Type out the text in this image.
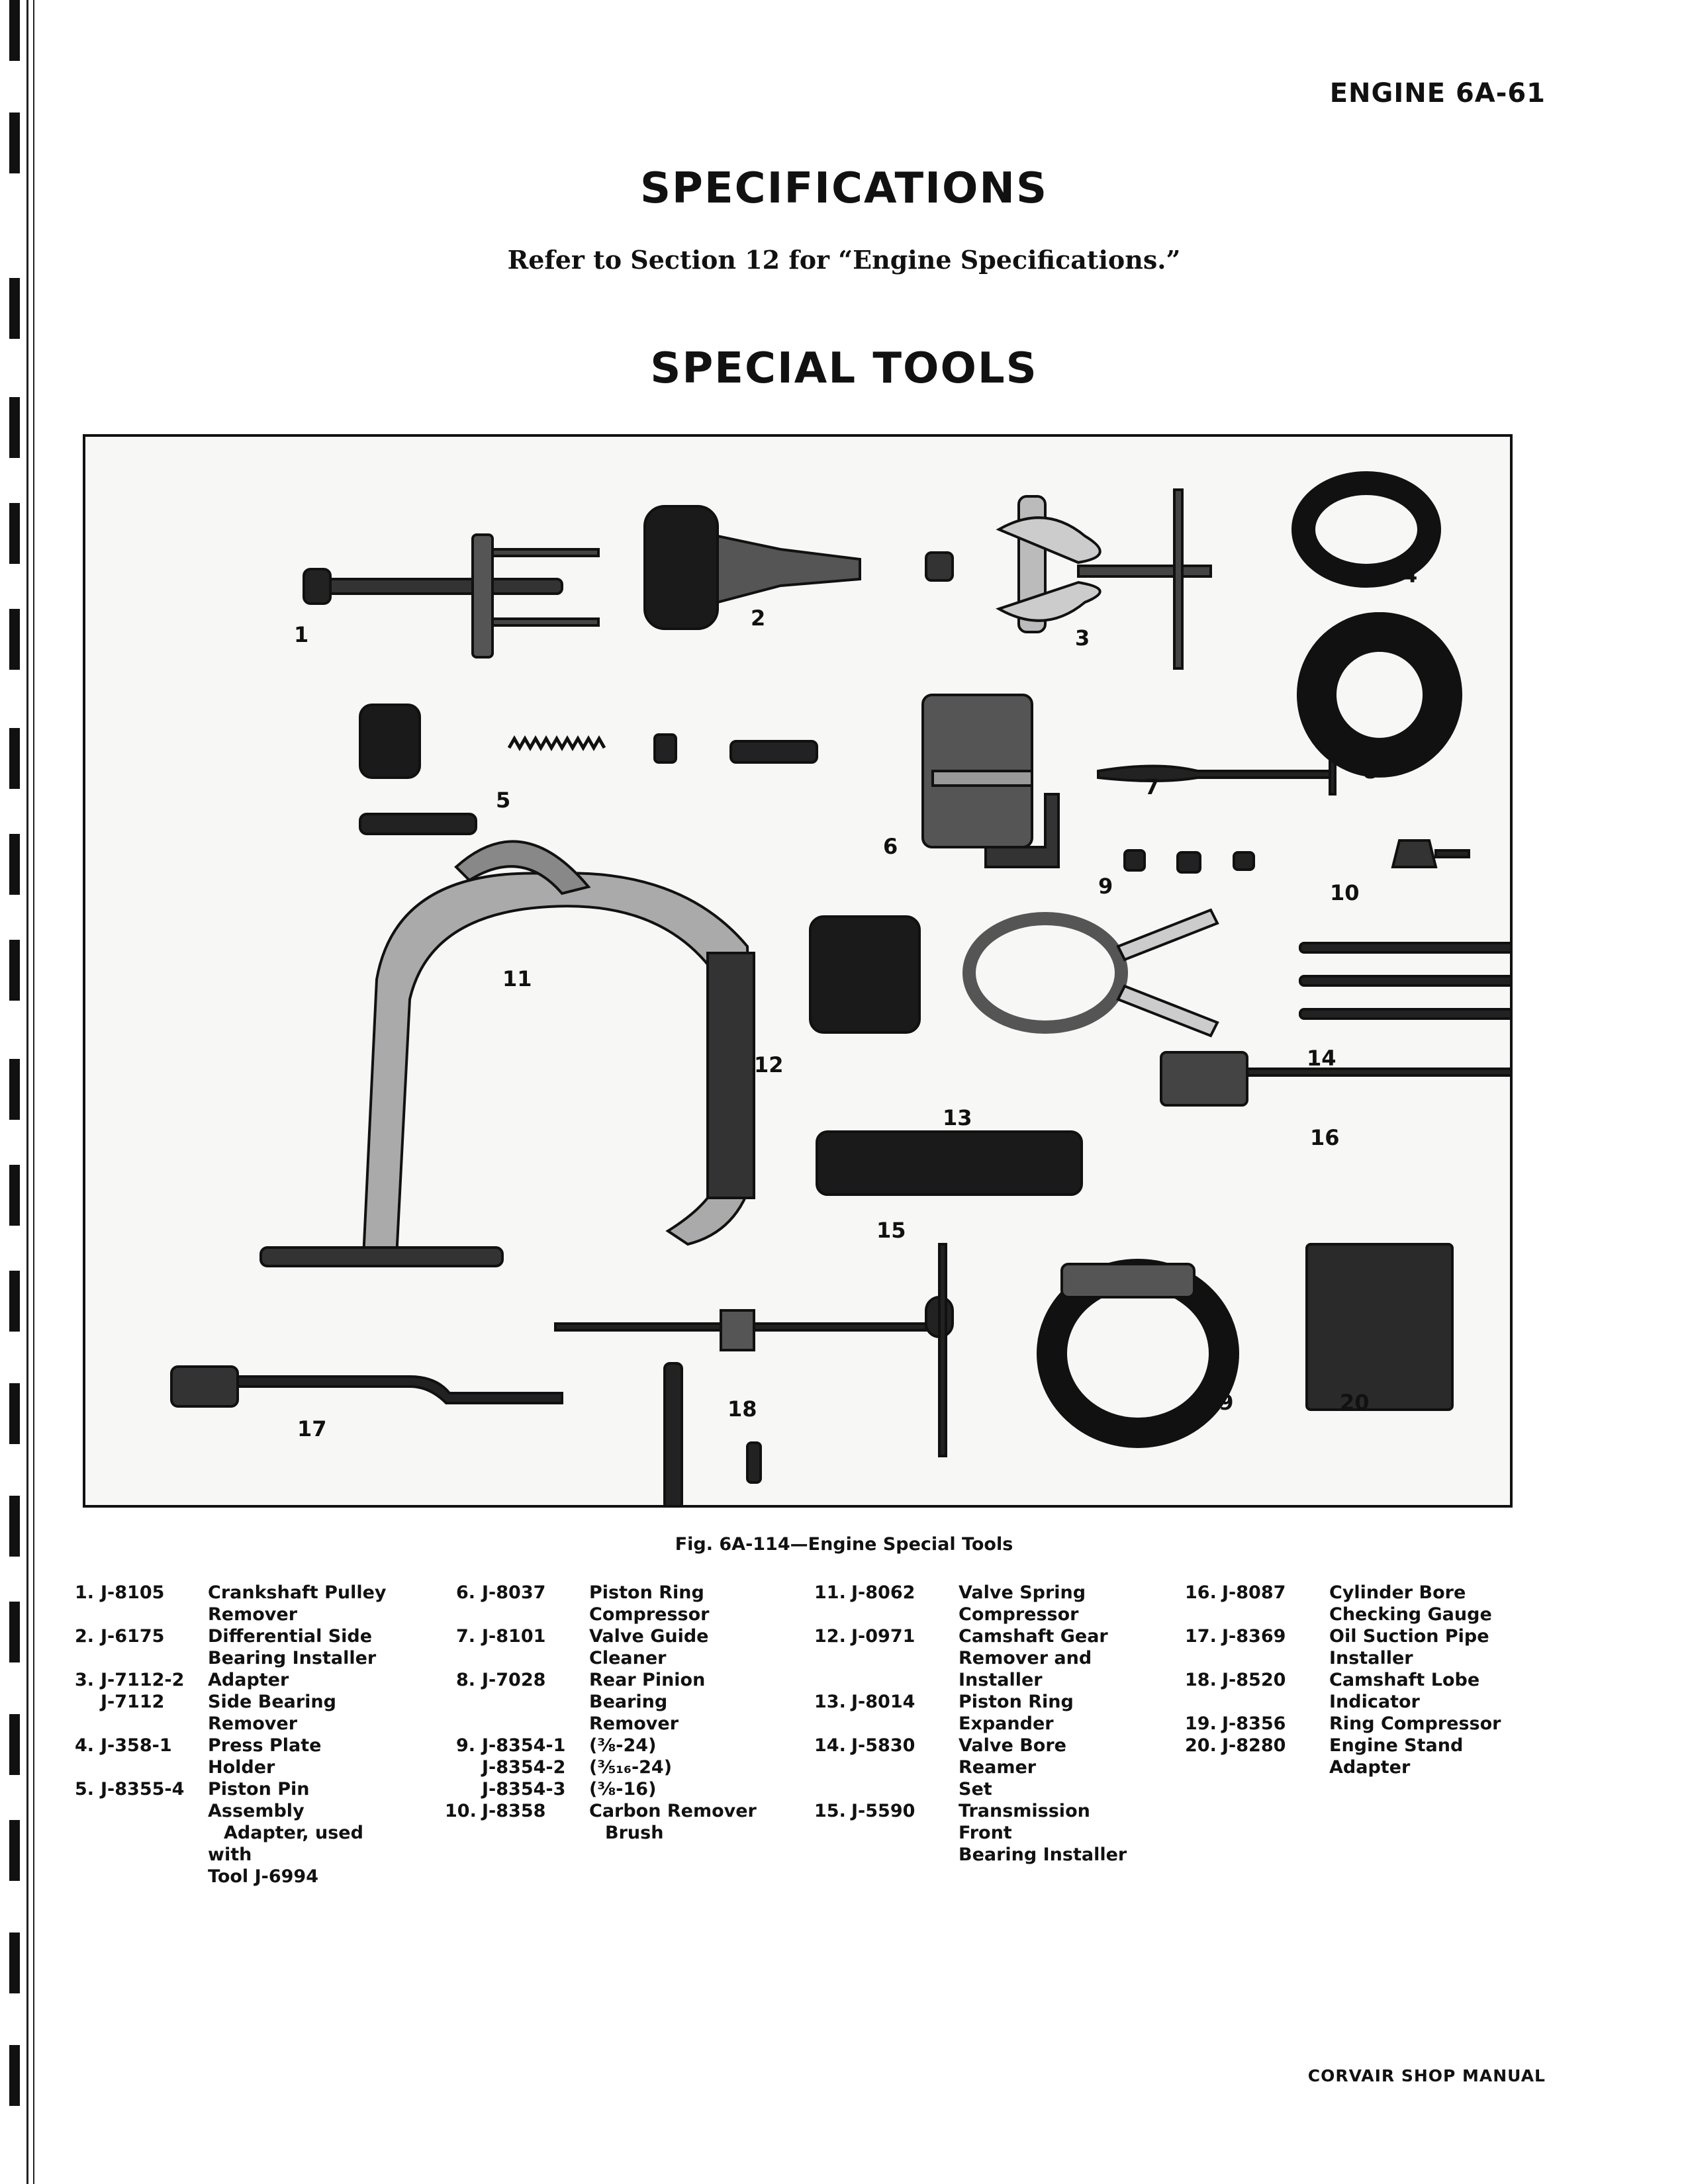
ENGINE 6A-61
SPECIFICATIONS
Refer to Section 12 for “Engine Specifications.”
SPECIAL TOOLS
1
2
3
4
5
6
7
8
9	10
11
12
13
14
15
16
17
18	19	20
Fig. 6A-114—Engine Special Tools
1. J-8105	Crankshaft Pulley
Remover
2. J-6175	Differential Side
Bearing Installer
3. J-7112-2	Adapter
J-7112	Side Bearing Remover
4. J-358-1	Press Plate Holder
5. J-8355-4	Piston Pin Assembly
Adapter, used with
Tool J-6994
6. J-8037	Piston Ring
Compressor
7. J-8101	Valve Guide Cleaner
8. J-7028	Rear Pinion Bearing
Remover
9. J-8354-1	(⅜-24)
J-8354-2	(⅗₁₆-24)
J-8354-3	(⅜-16)
10. J-8358	Carbon Remover
Brush
11. J-8062	Valve Spring
Compressor
12. J-0971	Camshaft Gear
Remover and Installer
13. J-8014	Piston Ring Expander
14. J-5830	Valve Bore Reamer
Set
15. J-5590	Transmission Front
Bearing Installer
16. J-8087	Cylinder Bore
Checking Gauge
17. J-8369	Oil Suction Pipe
Installer
18. J-8520	Camshaft Lobe
Indicator
19. J-8356	Ring Compressor
20. J-8280	Engine Stand
Adapter
CORVAIR SHOP MANUAL
